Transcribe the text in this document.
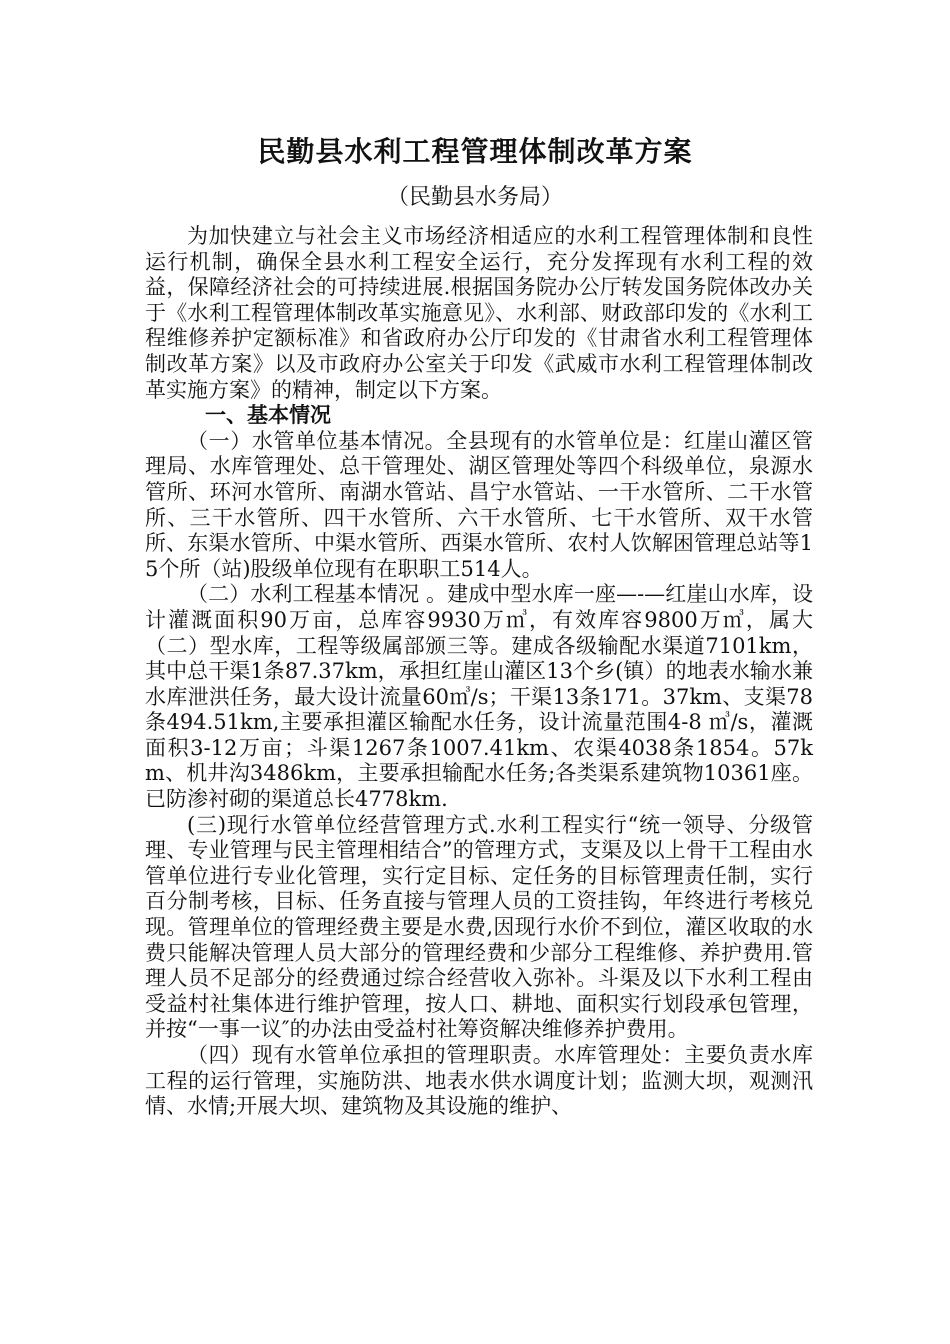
民勤县水利工程管理体制改革方案

（民勤县水务局）

为加快建立与社会主义市场经济相适应的水利工程管理体制和良性运行机制，确保全县水利工程安全运行，充分发挥现有水利工程的效益，保障经济社会的可持续进展.根据国务院办公厅转发国务院体改办关于《水利工程管理体制改革实施意见》、水利部、财政部印发的《水利工程维修养护定额标准》和省政府办公厅印发的《甘肃省水利工程管理体制改革方案》以及市政府办公室关于印发《武威市水利工程管理体制改革实施方案》的精神，制定以下方案。

一、基本情况

（一）水管单位基本情况。全县现有的水管单位是：红崖山灌区管理局、水库管理处、总干管理处、湖区管理处等四个科级单位，泉源水管所、环河水管所、南湖水管站、昌宁水管站、一干水管所、二干水管所、三干水管所、四干水管所、六干水管所、七干水管所、双干水管所、东渠水管所、中渠水管所、西渠水管所、农村人饮解困管理总站等15个所（站)股级单位现有在职职工514人。

（二）水利工程基本情况 。建成中型水库一座—-—红崖山水库，设计灌溉面积90万亩，总库容9930万㎥，有效库容9800万㎥，属大（二）型水库，工程等级属部颁三等。建成各级输配水渠道7101km，其中总干渠1条87.37km，承担红崖山灌区13个乡(镇）的地表水输水兼水库泄洪任务，最大设计流量60㎥/s；干渠13条171。37km、支渠78条494.51km,主要承担灌区输配水任务，设计流量范围4-8 ㎥/s，灌溉面积3-12万亩；斗渠1267条1007.41km、农渠4038条1854。57km、机井沟3486km，主要承担输配水任务;各类渠系建筑物10361座。已防渗衬砌的渠道总长4778km.

(三)现行水管单位经营管理方式.水利工程实行“统一领导、分级管理、专业管理与民主管理相结合”的管理方式，支渠及以上骨干工程由水管单位进行专业化管理，实行定目标、定任务的目标管理责任制，实行百分制考核，目标、任务直接与管理人员的工资挂钩，年终进行考核兑现。管理单位的管理经费主要是水费,因现行水价不到位，灌区收取的水费只能解决管理人员大部分的管理经费和少部分工程维修、养护费用.管理人员不足部分的经费通过综合经营收入弥补。斗渠及以下水利工程由受益村社集体进行维护管理，按人口、耕地、面积实行划段承包管理，并按“一事一议″的办法由受益村社筹资解决维修养护费用。

（四）现有水管单位承担的管理职责。水库管理处：主要负责水库工程的运行管理，实施防洪、地表水供水调度计划；监测大坝，观测汛情、水情;开展大坝、建筑物及其设施的维护、
